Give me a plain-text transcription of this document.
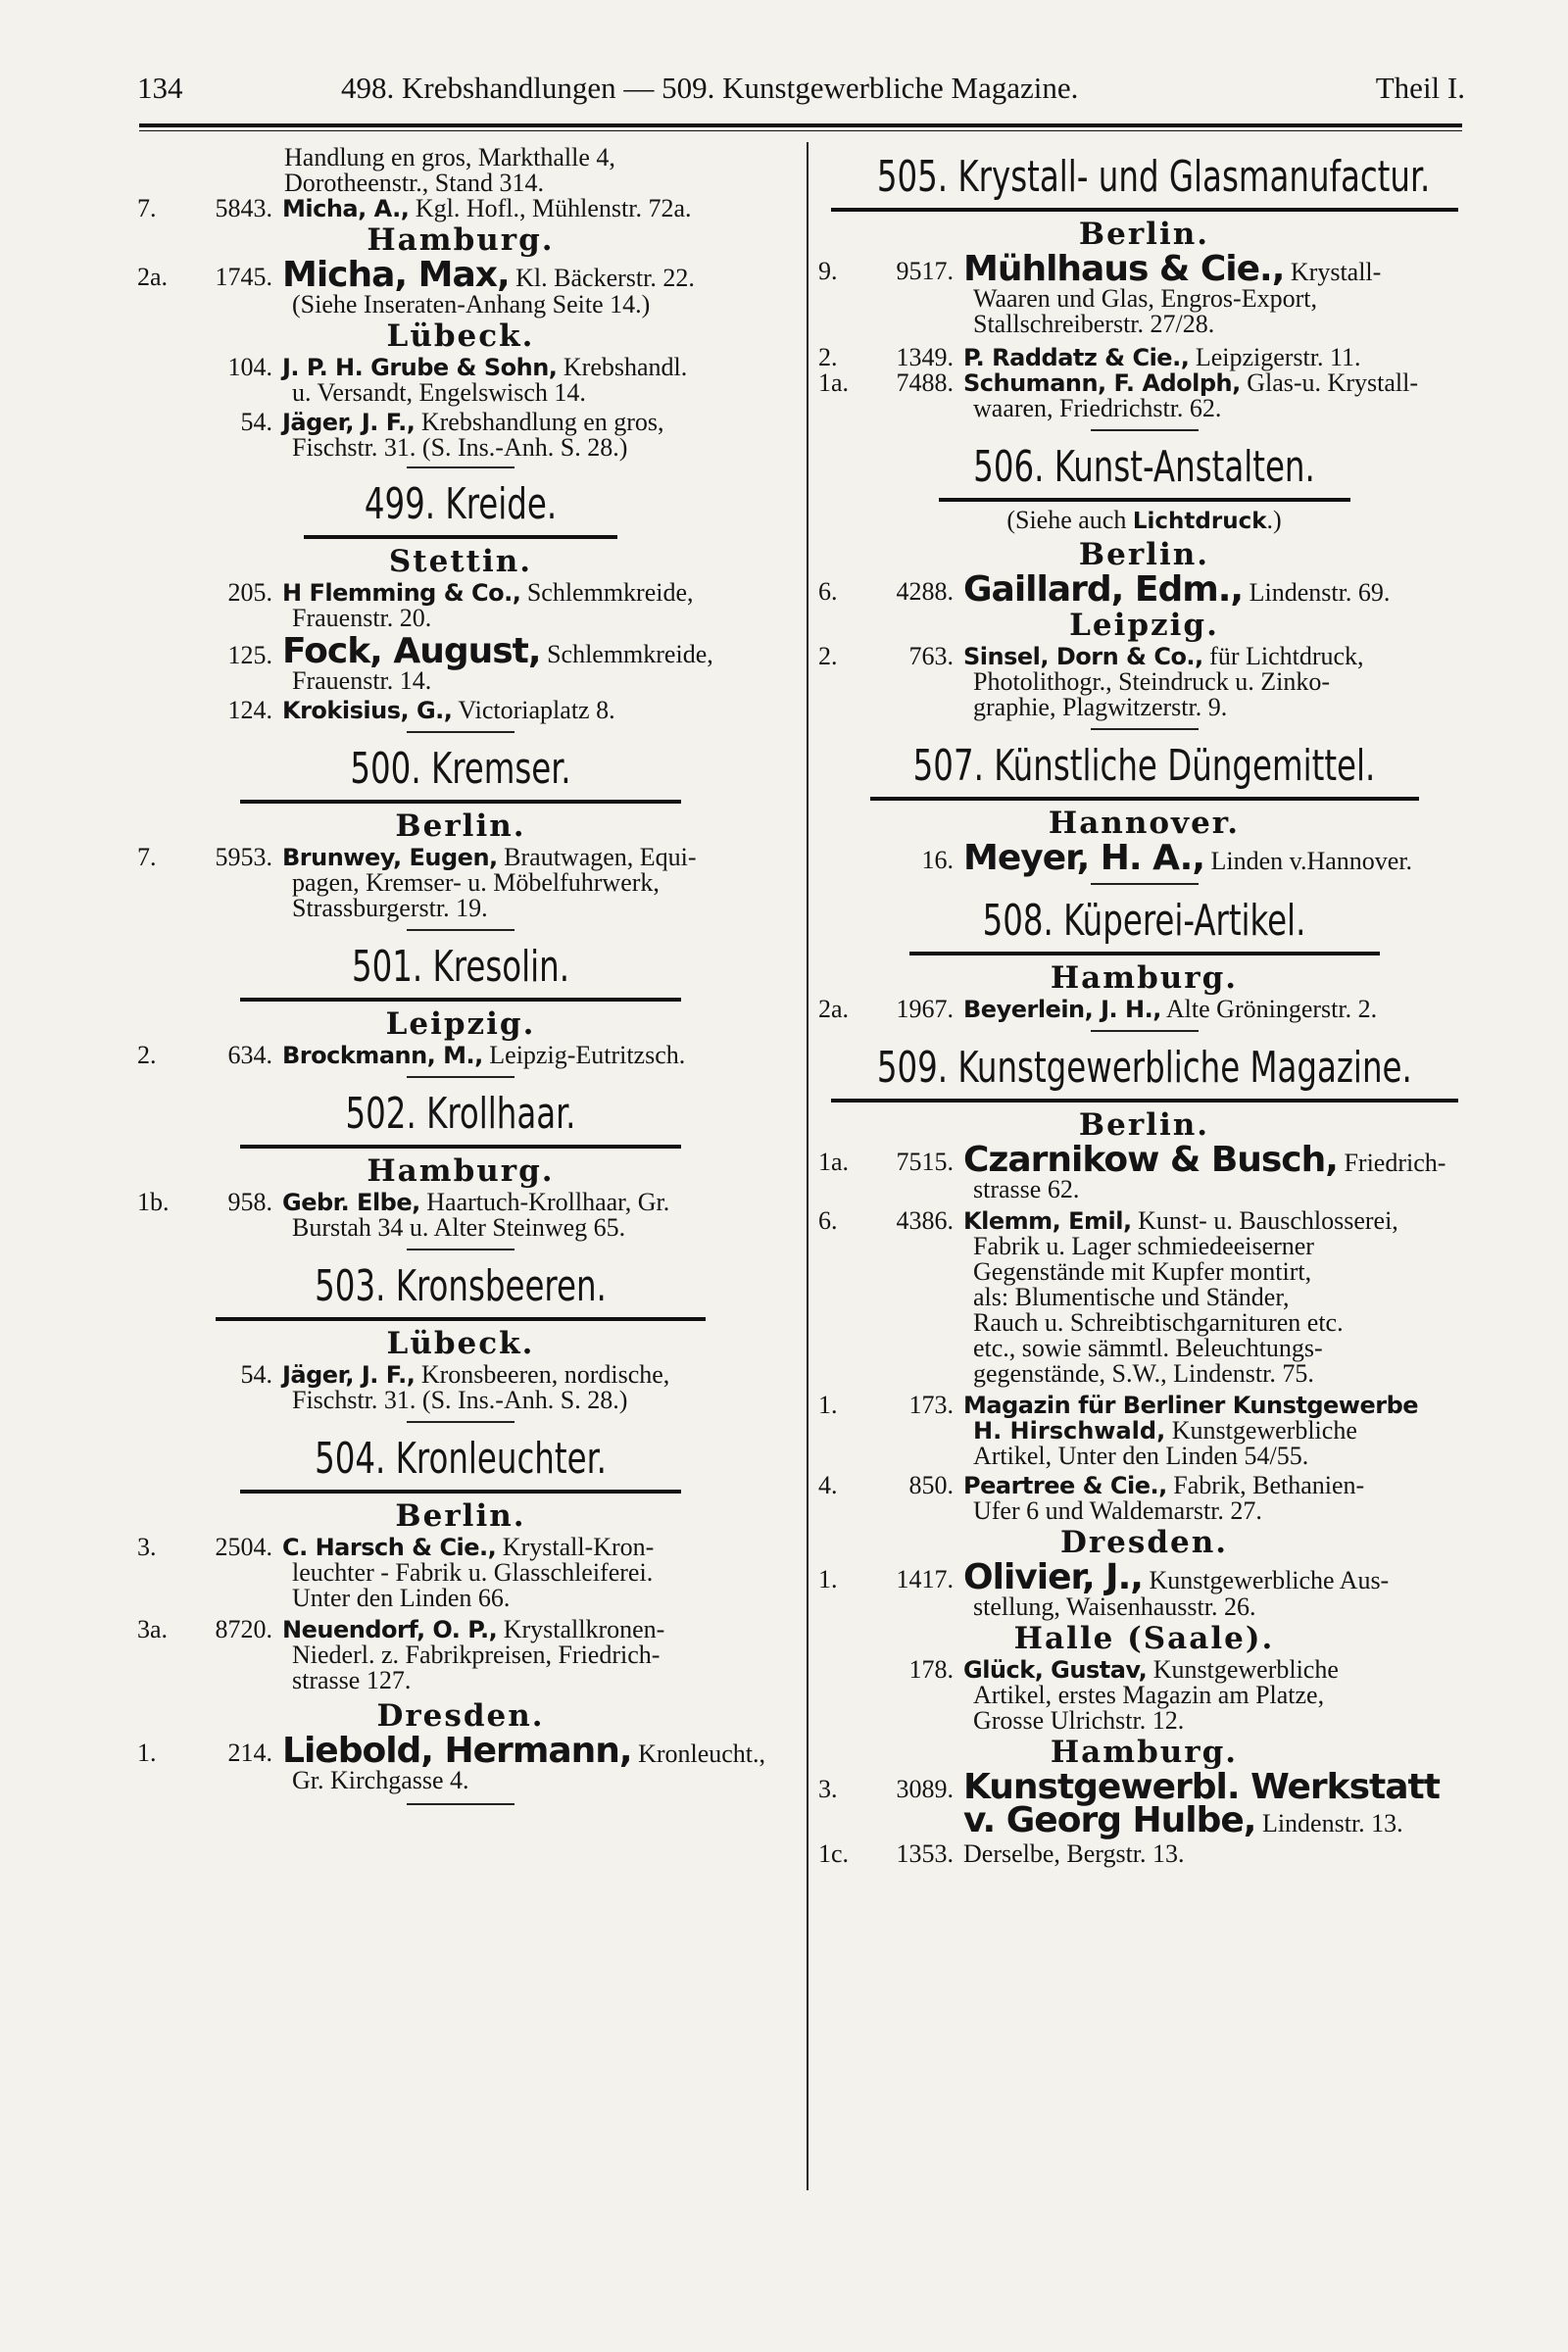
134	498. Krebshandlungen — 509. Kunstgewerbliche Magazine.	Theil I.
Handlung en gros, Markthalle 4,
Dorotheenstr., Stand 314.
7. 5843. Micha, A., Kgl. Hofl., Mühlenstr. 72a.
Hamburg.
2a. 1745. Micha, Max, Kl. Bäckerstr. 22.
(Siehe Inseraten-Anhang Seite 14.)
Lübeck.
104. J. P. H. Grube & Sohn, Krebshandl.
u. Versandt, Engelswisch 14.
54. Jäger, J. F., Krebshandlung en gros,
Fischstr. 31. (S. Ins.-Anh. S. 28.)
499. Kreide.
Stettin.
205. H Flemming & Co., Schlemmkreide,
Frauenstr. 20.
125. Fock, August, Schlemmkreide,
Frauenstr. 14.
124. Krokisius, G., Victoriaplatz 8.
500. Kremser.
Berlin.
7. 5953. Brunwey, Eugen, Brautwagen, Equi-
pagen, Kremser- u. Möbelfuhrwerk,
Strassburgerstr. 19.
501. Kresolin.
Leipzig.
2.	634. Brockmann, M., Leipzig-Eutritzsch.
502. Krollhaar.
Hamburg.
1b. 958. Gebr. Elbe, Haartuch-Krollhaar, Gr.
Burstah 34 u. Alter Steinweg 65.
503. Kronsbeeren.
Lübeck.
54. Jäger, J. F., Kronsbeeren, nordische,
Fischstr. 31. (S. Ins.-Anh. S. 28.)
504. Kronleuchter.
Berlin.
3. 2504. C. Harsch & Cie., Krystall-Kron-
leuchter - Fabrik u. Glasschleiferei.
Unter den Linden 66.
3a. 8720. Neuendorf, O. P., Krystallkronen-
Niederl. z. Fabrikpreisen, Friedrich-
strasse 127.
Dresden.
1.	214. Liebold, Hermann, Kronleucht.,
Gr. Kirchgasse 4.
505. Krystall- und Glasmanufactur.
Berlin.
9. 9517. Mühlhaus & Cie., Krystall-
Waaren und Glas, Engros-Export,
Stallschreiberstr. 27/28.
2. 1349. P. Raddatz & Cie., Leipzigerstr. 11.
1a. 7488. Schumann, F. Adolph, Glas-u. Krystall-
waaren, Friedrichstr. 62.
506. Kunst-Anstalten.
(Siehe auch Lichtdruck.)
Berlin.
6. 4288. Gaillard, Edm., Lindenstr. 69.
Leipzig.
2.	763. Sinsel, Dorn & Co., für Lichtdruck,
Photolithogr., Steindruck u. Zinko-
graphie, Plagwitzerstr. 9.
507. Künstliche Düngemittel.
Hannover.
16. Meyer, H. A., Linden v.Hannover.
508. Küperei-Artikel.
Hamburg.
2a. 1967. Beyerlein, J. H., Alte Gröningerstr. 2.
509. Kunstgewerbliche Magazine.
Berlin.
1a. 7515. Czarnikow & Busch, Friedrich-
strasse 62.
6. 4386. Klemm, Emil, Kunst- u. Bauschlosserei,
Fabrik u. Lager schmiedeeiserner
Gegenstände mit Kupfer montirt,
als: Blumentische und Ständer,
Rauch u. Schreibtischgarnituren etc.
etc., sowie sämmtl. Beleuchtungs-
gegenstände, S.W., Lindenstr. 75.
1.	173. Magazin für Berliner Kunstgewerbe
H. Hirschwald, Kunstgewerbliche
Artikel, Unter den Linden 54/55.
4.	850. Peartree & Cie., Fabrik, Bethanien-
Ufer 6 und Waldemarstr. 27.
Dresden.
1. 1417. Olivier, J., Kunstgewerbliche Aus-
stellung, Waisenhausstr. 26.
Halle (Saale).
178. Glück, Gustav, Kunstgewerbliche
Artikel, erstes Magazin am Platze,
Grosse Ulrichstr. 12.
Hamburg.
3. 3089. Kunstgewerbl. Werkstatt
v. Georg Hulbe, Lindenstr. 13.
1c. 1353. Derselbe, Bergstr. 13.
